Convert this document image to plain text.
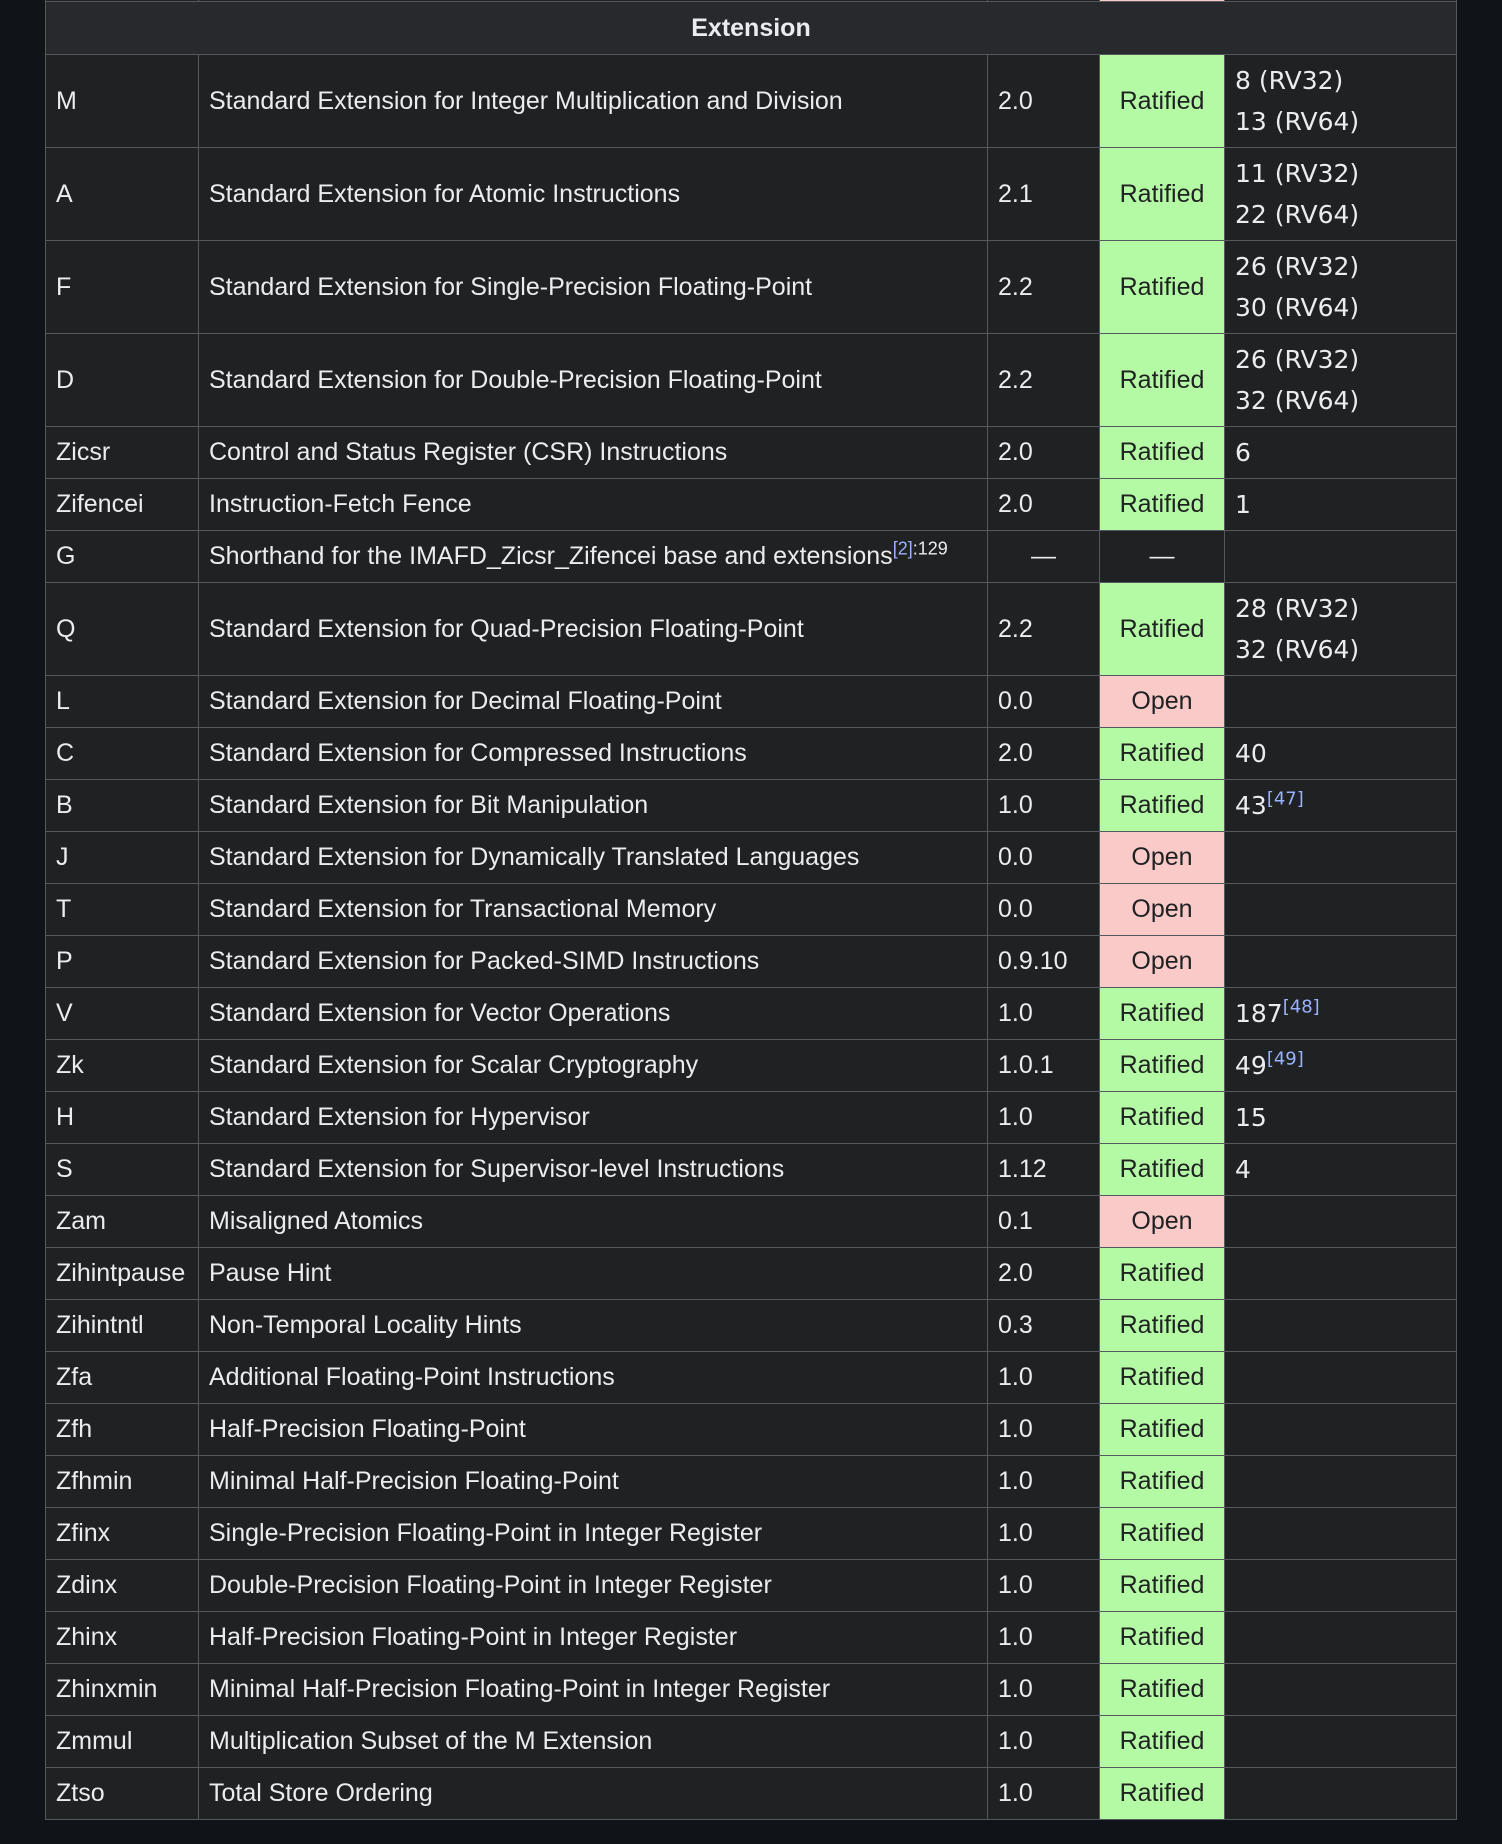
Extension				
M	Standard Extension for Integer Multiplication and Division	2.0	Ratified	8 (RV32)
13 (RV64)

A	Standard Extension for Atomic Instructions	2.1	Ratified	11 (RV32)
22 (RV64)

F	Standard Extension for Single-Precision Floating-Point	2.2	Ratified	26 (RV32)
30 (RV64)

D	Standard Extension for Double-Precision Floating-Point	2.2	Ratified	26 (RV32)
32 (RV64)

Zicsr	Control and Status Register (CSR) Instructions	2.0	Ratified	6

Zifencei	Instruction-Fetch Fence	2.0	Ratified	1

G	Shorthand for the IMAFD_Zicsr_Zifencei base and extensions$^{[2]:129}$	—	—	
Q	Standard Extension for Quad-Precision Floating-Point	2.2	Ratified	28 (RV32)
32 (RV64)

L	Standard Extension for Decimal Floating-Point	0.0	Open	
C	Standard Extension for Compressed Instructions	2.0	Ratified	40

B	Standard Extension for Bit Manipulation	1.0	Ratified	43[47]

J	Standard Extension for Dynamically Translated Languages	0.0	Open	
T	Standard Extension for Transactional Memory	0.0	Open	
P	Standard Extension for Packed-SIMD Instructions	0.9.10	Open	
V	Standard Extension for Vector Operations	1.0	Ratified	187[48]

Zk	Standard Extension for Scalar Cryptography	1.0.1	Ratified	49[49]

H	Standard Extension for Hypervisor	1.0	Ratified	15

S	Standard Extension for Supervisor-level Instructions	1.12	Ratified	4

Zam	Misaligned Atomics	0.1	Open	
Zihintpause	Pause Hint	2.0	Ratified	
Zihintntl	Non-Temporal Locality Hints	0.3	Ratified	
Zfa	Additional Floating-Point Instructions	1.0	Ratified	
Zfh	Half-Precision Floating-Point	1.0	Ratified	
Zfhmin	Minimal Half-Precision Floating-Point	1.0	Ratified	
Zfinx	Single-Precision Floating-Point in Integer Register	1.0	Ratified	
Zdinx	Double-Precision Floating-Point in Integer Register	1.0	Ratified	
Zhinx	Half-Precision Floating-Point in Integer Register	1.0	Ratified	
Zhinxmin	Minimal Half-Precision Floating-Point in Integer Register	1.0	Ratified	
Zmmul	Multiplication Subset of the M Extension	1.0	Ratified	
Ztso	Total Store Ordering	1.0	Ratified	
